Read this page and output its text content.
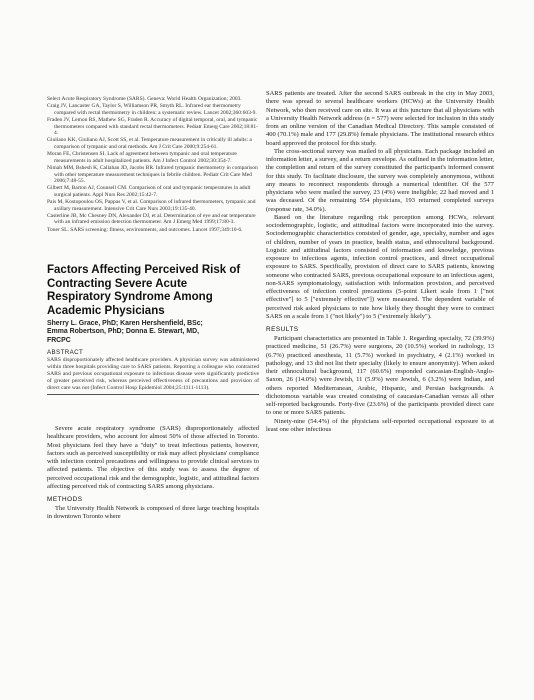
Select Acute Respiratory Syndrome (SARS). Geneva: World Health Organization; 2003.
Craig JV, Lancaster GA, Taylor S, Williamson PR, Smyth RL. Infrared ear thermometry compared with rectal thermometry in children: a systematic review. Lancet 2002;360:603-9.
Fraden JV, Lemon RS, Mathew SG, Fraden R. Accuracy of digital temporal, oral, and tympanic thermometers compared with standard rectal thermometers. Pediatr Emerg Care 2002;18:81-4.
Giuliano KK, Giuliano AJ, Scott SS, et al. Temperature measurement in critically ill adults: a comparison of tympanic and oral methods. Am J Crit Care 2000;9:254-61.
Moran FE, Christensen SI. Lack of agreement between tympanic and oral temperature measurements in adult hospitalized patients. Am J Infect Control 2002;30:354-7.
Nimah MM, Bshesh K, Callahan JD, Jacobs BR. Infrared tympanic thermometry in comparison with other temperature measurement techniques in febrile children. Pediatr Crit Care Med 2006;7:48-55.
Gilbert M, Barton AJ, Counsell CM. Comparison of oral and tympanic temperatures in adult surgical patients. Appl Nurs Res 2002;15:42-7.
Pais M, Kostopoulou OS, Pappas V, et al. Comparison of infrared thermometers, tympanic and axillary measurement. Intensive Crit Care Nurs 2003;19:135-40.
Casterline JB, Mc Chesney DN, Alexander DJ, et al. Determination of eye and ear temperature with an infrared emission detection thermometer. Am J Emerg Med 1999;17:80-3.
Toner SL. SARS screening: fitness, environments, and outcomes. Lancet 1997;349:10-6.
Factors Affecting Perceived Risk of Contracting Severe Acute Respiratory Syndrome Among Academic Physicians
Sherry L. Grace, PhD; Karen Hershenfield, BSc;
Emma Robertson, PhD; Donna E. Stewart, MD,
FRCPC
ABSTRACT
SARS disproportionately affected healthcare providers. A physician survey was administered within three hospitals providing care to SARS patients. Reporting a colleague who contracted SARS and previous occupational exposure to infectious disease were significantly predictive of greater perceived risk, whereas perceived effectiveness of precautions and provision of direct care was not (Infect Control Hosp Epidemiol 2004;25:1111-1113).

Severe acute respiratory syndrome (SARS) disproportionately affected healthcare providers, who account for almost 50% of those affected in Toronto. Most physicians feel they have a "duty" to treat infectious patients, however, factors such as perceived susceptibility or risk may affect physicians' compliance with infection control precautions and willingness to provide clinical services to affected patients. The objective of this study was to assess the degree of perceived occupational risk and the demographic, logistic, and attitudinal factors affecting perceived risk of contracting SARS among physicians.

METHODS

The University Health Network is composed of three large teaching hospitals in downtown Toronto where

SARS patients are treated. After the second SARS outbreak in the city in May 2003, there was spread to several healthcare workers (HCWs) at the University Health Network, who then received care on site. It was at this juncture that all physicians with a University Health Network address (n = 577) were selected for inclusion in this study from an online version of the Canadian Medical Directory. This sample consisted of 400 (70.1%) male and 177 (29.8%) female physicians. The institutional research ethics board approved the protocol for this study.

The cross-sectional survey was mailed to all physicians. Each package included an information letter, a survey, and a return envelope. As outlined in the information letter, the completion and return of the survey constituted the participant's informed consent for this study. To facilitate disclosure, the survey was completely anonymous, without any means to reconnect respondents through a numerical identifier. Of the 577 physicians who were mailed the survey, 23 (4%) were ineligible; 22 had moved and 1 was deceased. Of the remaining 554 physicians, 193 returned completed surveys (response rate, 34.0%).

Based on the literature regarding risk perception among HCWs, relevant sociodemographic, logistic, and attitudinal factors were incorporated into the survey. Sociodemographic characteristics consisted of gender, age, specialty, number and ages of children, number of years in practice, health status, and ethnocultural background. Logistic and attitudinal factors consisted of information and knowledge, previous exposure to infectious agents, infection control practices, and direct occupational exposure to SARS. Specifically, provision of direct care to SARS patients, knowing someone who contracted SARS, previous occupational exposure to an infectious agent, non-SARS symptomatology, satisfaction with information provision, and perceived effectiveness of infection control precautions (5-point Likert scale from 1 ["not effective"] to 5 ["extremely effective"]) were measured. The dependent variable of perceived risk asked physicians to rate how likely they thought they were to contract SARS on a scale from 1 ("not likely") to 5 ("extremely likely").

RESULTS

Participant characteristics are presented in Table 1. Regarding specialty, 72 (39.9%) practiced medicine, 51 (26.7%) were surgeons, 20 (10.5%) worked in radiology, 13 (6.7%) practiced anesthesia, 11 (5.7%) worked in psychiatry, 4 (2.1%) worked in pathology, and 13 did not list their specialty (likely to ensure anonymity). When asked their ethnocultural background, 117 (60.6%) responded cancasian-English-Anglo-Saxon, 26 (14.0%) were Jewish, 11 (5.9%) were Jewish, 6 (3.2%) were Indian, and others reported Mediterranean, Arabic, Hispanic, and Persian backgrounds. A dichotomous variable was created consisting of caucasian-Canadian versus all other self-reported backgrounds. Forty-five (23.6%) of the participants provided direct care to one or more SARS patients.

Ninety-nine (54.4%) of the physicians self-reported occupational exposure to at least one other infectious
